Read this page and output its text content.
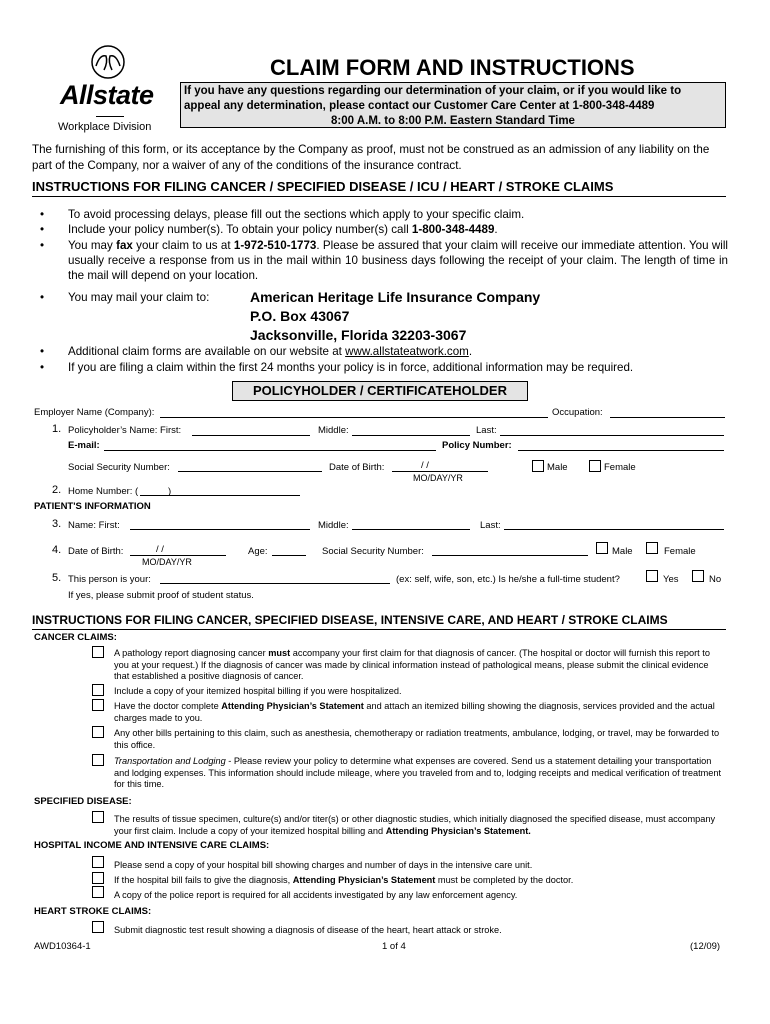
Allstate
Workplace Division
CLAIM FORM AND INSTRUCTIONS
If you have any questions regarding our determination of your claim, or if you would like to
appeal any determination, please contact our Customer Care Center at 1-800-348-4489
8:00 A.M. to 8:00 P.M. Eastern Standard Time
The furnishing of this form, or its acceptance by the Company as proof, must not be construed as an admission of any liability on the part of the Company, nor a waiver of any of the conditions of the insurance contract.
INSTRUCTIONS FOR FILING CANCER / SPECIFIED DISEASE / ICU / HEART / STROKE CLAIMS
• To avoid processing delays, please fill out the sections which apply to your specific claim.
• Include your policy number(s). To obtain your policy number(s) call 1-800-348-4489.
• You may fax your claim to us at 1-972-510-1773. Please be assured that your claim will receive our immediate attention. You will usually receive a response from us in the mail within 10 business days following the receipt of your claim. The length of time in the mail will depend on your location.
• You may mail your claim to:	American Heritage Life Insurance Company
P.O. Box 43067
Jacksonville, Florida 32203-3067
• Additional claim forms are available on our website at www.allstateatwork.com.
• If you are filing a claim within the first 24 months your policy is in force, additional information may be required.
POLICYHOLDER / CERTIFICATEHOLDER
Employer Name (Company):	Occupation:
1. Policyholder’s Name: First:	Middle:	Last:
E-mail:	Policy Number:
Social Security Number:	Date of Birth:	/ /
MO/DAY/YR
Male	Female
2. Home Number: (	)
PATIENT'S INFORMATION
3. Name: First:	Middle:	Last:
4. Date of Birth:	/ /
MO/DAY/YR
Age:	Social Security Number:	Male	Female
5. This person is your:	(ex: self, wife, son, etc.) Is he/she a full-time student?	Yes	No
If yes, please submit proof of student status.
INSTRUCTIONS FOR FILING CANCER, SPECIFIED DISEASE, INTENSIVE CARE, AND HEART / STROKE CLAIMS
CANCER CLAIMS:
A pathology report diagnosing cancer must accompany your first claim for that diagnosis of cancer. (The hospital or doctor will furnish this report to you at your request.) If the diagnosis of cancer was made by clinical information instead of pathological means, please submit the clinical evidence that established a positive diagnosis of cancer.
Include a copy of your itemized hospital billing if you were hospitalized.
Have the doctor complete Attending Physician’s Statement and attach an itemized billing showing the diagnosis, services provided and the actual charges made to you.
Any other bills pertaining to this claim, such as anesthesia, chemotherapy or radiation treatments, ambulance, lodging, or travel, may be forwarded to this office.
Transportation and Lodging - Please review your policy to determine what expenses are covered. Send us a statement detailing your transportation and lodging expenses. This information should include mileage, where you traveled from and to, lodging receipts and medical verification of treatment for this time.
SPECIFIED DISEASE:
The results of tissue specimen, culture(s) and/or titer(s) or other diagnostic studies, which initially diagnosed the specified disease, must accompany your first claim. Include a copy of your itemized hospital billing and Attending Physician’s Statement.
HOSPITAL INCOME AND INTENSIVE CARE CLAIMS:
Please send a copy of your hospital bill showing charges and number of days in the intensive care unit.
If the hospital bill fails to give the diagnosis, Attending Physician’s Statement must be completed by the doctor.
A copy of the police report is required for all accidents investigated by any law enforcement agency.
HEART STROKE CLAIMS:
Submit diagnostic test result showing a diagnosis of disease of the heart, heart attack or stroke.
AWD10364-1	1 of 4	(12/09)
